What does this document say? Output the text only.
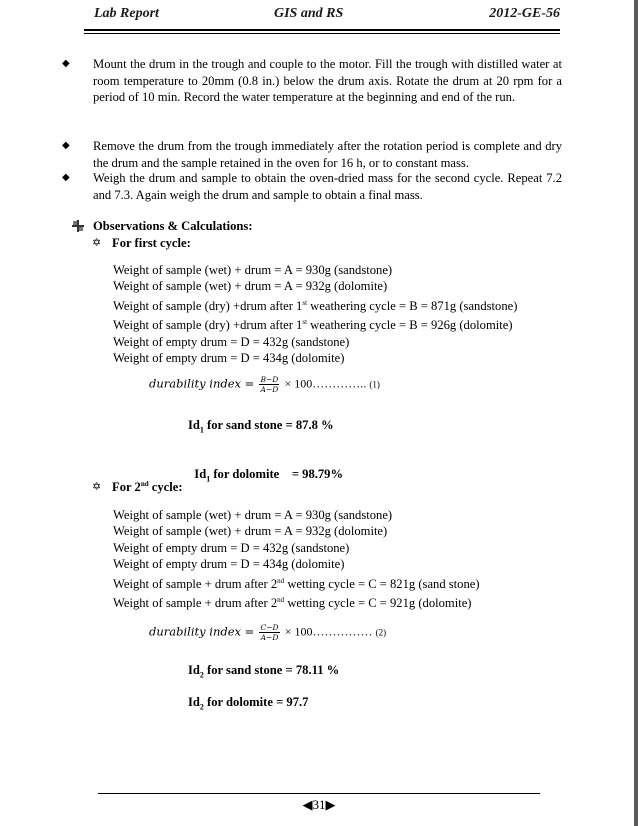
Lab Report	GIS and RS	2012-GE-56
◆ Mount the drum in the trough and couple to the motor. Fill the trough with distilled water at room temperature to 20mm (0.8 in.) below the drum axis. Rotate the drum at 20 rpm for a period of 10 min. Record the water temperature at the beginning and end of the run.
◆ Remove the drum from the trough immediately after the rotation period is complete and dry the drum and the sample retained in the oven for 16 h, or to constant mass.
◆ Weigh the drum and sample to obtain the oven-dried mass for the second cycle. Repeat 7.2 and 7.3. Again weigh the drum and sample to obtain a final mass.
Observations & Calculations:
✡ For first cycle:
Weight of sample (wet) + drum = A = 930g (sandstone)
Weight of sample (wet) + drum = A = 932g (dolomite)
Weight of sample (dry) +drum after 1st weathering cycle = B = 871g (sandstone)
Weight of sample (dry) +drum after 1st weathering cycle = B = 926g (dolomite)
Weight of empty drum = D = 432g (sandstone)
Weight of empty drum = D = 434g (dolomite)
durability index = $\frac{B-D}{A-D}$ × 100………….. (1)
$Id_1$ for sand stone = 87.8 %

$Id_1$ for dolomite    = 98.79%

✡ For 2nd cycle:
Weight of sample (wet) + drum = A = 930g (sandstone)
Weight of sample (wet) + drum = A = 932g (dolomite)
Weight of empty drum = D = 432g (sandstone)
Weight of empty drum = D = 434g (dolomite)
Weight of sample + drum after 2nd wetting cycle = C = 821g (sand stone)
Weight of sample + drum after 2nd wetting cycle = C = 921g (dolomite)
durability index = $\frac{C-D}{A-D}$ × 100…………… (2)
$Id_2$ for sand stone = 78.11 %
$Id_2$ for dolomite = 97.7
◀31▶
